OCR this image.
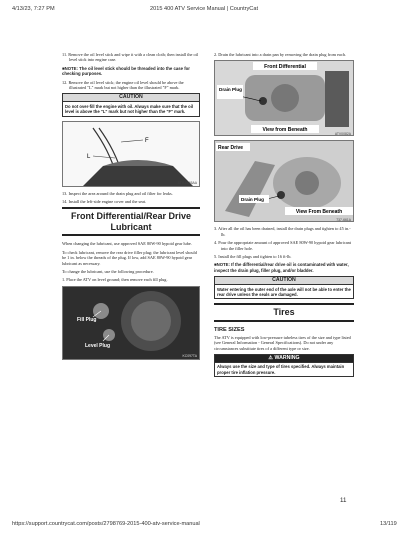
4/13/23, 7:27 PM	2015 400 ATV Service Manual | CountryCat
https://support.countrycat.com/posts/2798769-2015-400-atv-service-manual	13/119

11. Remove the oil level stick and wipe it with a clean cloth; then install the oil level stick into engine case.

■NOTE: The oil level stick should be threaded into the case for checking purposes.

12. Remove the oil level stick; the engine oil level should be above the illustrated "L" mark but not higher than the illustrated "F" mark.

CAUTION
Do not over-fill the engine with oil. Always make sure that the oil level is above the "L" mark but not higher than the "F" mark.
F
L
ATV-0165AA

13. Inspect the area around the drain plug and oil filter for leaks.

14. Install the left-side engine cover and the seat.

Front Differential/Rear Drive Lubricant

When changing the lubricant, use approved SAE 80W-90 hypoid gear lube.

To check lubricant, remove the rear drive filler plug; the lubricant level should be 1 in. below the threads of the plug. If low, add SAE 80W-90 hypoid gear lubricant as necessary.

To change the lubricant, use the following procedure.

1. Place the ATV on level ground; then remove each fill plug.

Fill Plug
Level Plug
KC097TA

2. Drain the lubricant into a drain pan by removing the drain plug from each.

Front Differential
Drain Plug
View from Beneath
ATV0082A
Rear Drive
Drain Plug
View From Beneath
737-661A

3. After all the oil has been drained, install the drain plugs and tighten to 45 in.-lb.

4. Pour the appropriate amount of approved SAE 80W-90 hypoid gear lubricant into the filler hole.

5. Install the fill plugs and tighten to 16 ft-lb.

■NOTE: If the differential/rear drive oil is contaminated with water, inspect the drain plug, filler plug, and/or bladder.

CAUTION
Water entering the outer end of the axle will not be able to enter the rear drive unless the seals are damaged.
Tires
TIRE SIZES

The ATV is equipped with low-pressure tubeless tires of the size and type listed (see General Information - General Specifications). Do not under any circumstances substitute tires of a different type or size.

⚠ WARNING
Always use the size and type of tires specified. Always maintain proper tire inflation pressure.
11
